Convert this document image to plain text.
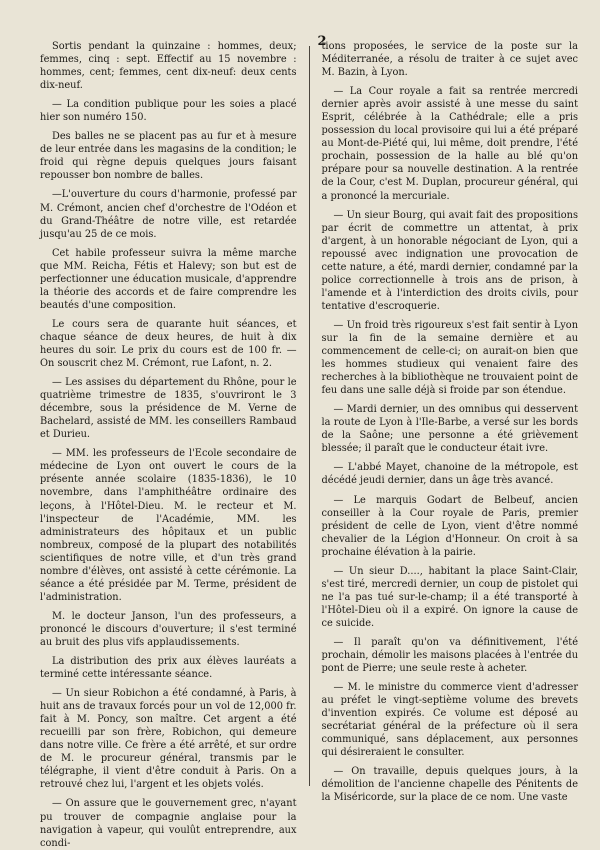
2

Sortis pendant la quinzaine : hommes, deux; femmes, cinq : sept. Effectif au 15 novembre : hommes, cent; femmes, cent dix-neuf: deux cents dix-neuf.

— La condition publique pour les soies a placé hier son numéro 150.

Des balles ne se placent pas au fur et à mesure de leur entrée dans les magasins de la condition; le froid qui règne depuis quelques jours faisant repousser bon nombre de balles.

—L'ouverture du cours d'harmonie, professé par M. Crémont, ancien chef d'orchestre de l'Odéon et du Grand-Théâtre de notre ville, est retardée jusqu'au 25 de ce mois.

Cet habile professeur suivra la même marche que MM. Reicha, Fétis et Halevy; son but est de perfectionner une éducation musicale, d'apprendre la théorie des accords et de faire comprendre les beautés d'une composition.

Le cours sera de quarante huit séances, et chaque séance de deux heures, de huit à dix heures du soir. Le prix du cours est de 100 fr. — On souscrit chez M. Crémont, rue Lafont, n. 2.

— Les assises du département du Rhône, pour le quatrième trimestre de 1835, s'ouvriront le 3 décembre, sous la présidence de M. Verne de Bachelard, assisté de MM. les conseillers Rambaud et Durieu.

— MM. les professeurs de l'Ecole secondaire de médecine de Lyon ont ouvert le cours de la présente année scolaire (1835-1836), le 10 novembre, dans l'amphithéâtre ordinaire des leçons, à l'Hôtel-Dieu. M. le recteur et M. l'inspecteur de l'Académie, MM. les administrateurs des hôpitaux et un public nombreux, composé de la plupart des notabilités scientifiques de notre ville, et d'un très grand nombre d'élèves, ont assisté à cette cérémonie. La séance a été présidée par M. Terme, président de l'administration.

M. le docteur Janson, l'un des professeurs, a prononcé le discours d'ouverture; il s'est terminé au bruit des plus vifs applaudissements.

La distribution des prix aux élèves lauréats a terminé cette intéressante séance.

— Un sieur Robichon a été condamné, à Paris, à huit ans de travaux forcés pour un vol de 12,000 fr. fait à M. Poncy, son maître. Cet argent a été recueilli par son frère, Robichon, qui demeure dans notre ville. Ce frère a été arrêté, et sur ordre de M. le procureur général, transmis par le télégraphe, il vient d'être conduit à Paris. On a retrouvé chez lui, l'argent et les objets volés.

— On assure que le gouvernement grec, n'ayant pu trouver de compagnie anglaise pour la navigation à vapeur, qui voulût entreprendre, aux condi-

tions proposées, le service de la poste sur la Méditerranée, a résolu de traiter à ce sujet avec M. Bazin, à Lyon.

— La Cour royale a fait sa rentrée mercredi dernier après avoir assisté à une messe du saint Esprit, célébrée à la Cathédrale; elle a pris possession du local provisoire qui lui a été préparé au Mont-de-Piété qui, lui même, doit prendre, l'été prochain, possession de la halle au blé qu'on prépare pour sa nouvelle destination. A la rentrée de la Cour, c'est M. Duplan, procureur général, qui a prononcé la mercuriale.

— Un sieur Bourg, qui avait fait des propositions par écrit de commettre un attentat, à prix d'argent, à un honorable négociant de Lyon, qui a repoussé avec indignation une provocation de cette nature, a été, mardi dernier, condamné par la police correctionnelle à trois ans de prison, à l'amende et à l'interdiction des droits civils, pour tentative d'escroquerie.

— Un froid très rigoureux s'est fait sentir à Lyon sur la fin de la semaine dernière et au commencement de celle-ci; on aurait-on bien que les hommes studieux qui venaient faire des recherches à la bibliothèque ne trouvaient point de feu dans une salle déjà si froide par son étendue.

— Mardi dernier, un des omnibus qui desservent la route de Lyon à l'Ile-Barbe, a versé sur les bords de la Saône; une personne a été grièvement blessée; il paraît que le conducteur était ivre.

— L'abbé Mayet, chanoine de la métropole, est décédé jeudi dernier, dans un âge très avancé.

— Le marquis Godart de Belbeuf, ancien conseiller à la Cour royale de Paris, premier président de celle de Lyon, vient d'être nommé chevalier de la Légion d'Honneur. On croit à sa prochaine élévation à la pairie.

— Un sieur D...., habitant la place Saint-Clair, s'est tiré, mercredi dernier, un coup de pistolet qui ne l'a pas tué sur-le-champ; il a été transporté à l'Hôtel-Dieu où il a expiré. On ignore la cause de ce suicide.

— Il paraît qu'on va définitivement, l'été prochain, démolir les maisons placées à l'entrée du pont de Pierre; une seule reste à acheter.

— M. le ministre du commerce vient d'adresser au préfet le vingt-septième volume des brevets d'invention expirés. Ce volume est déposé au secrétariat général de la préfecture où il sera communiqué, sans déplacement, aux personnes qui désireraient le consulter.

— On travaille, depuis quelques jours, à la démolition de l'ancienne chapelle des Pénitents de la Miséricorde, sur la place de ce nom. Une vaste
